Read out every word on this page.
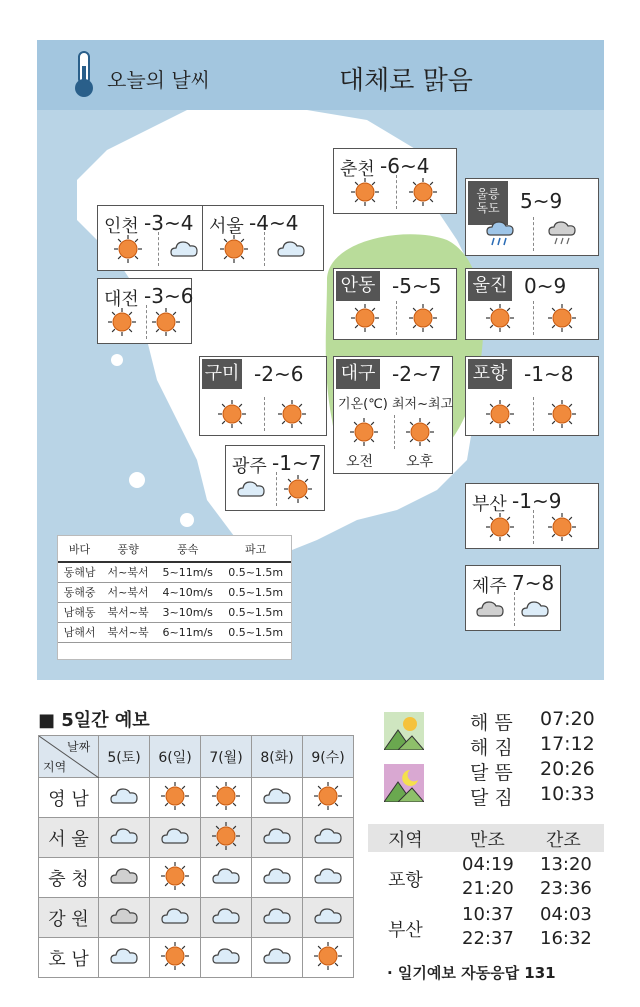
오늘의 날씨	대체로 맑음
춘천 -6~4
인천 -3~4 서울 -4~4
울릉
독도	5~9
대전 -3~6	안동 -5~5 울진 0~9
구미 -2~6 대구 -2~7
기온(℃) 최저~최고
오전 오후
포항 -1~8
광주 -1~7
부산 -1~9
제주 7~8
바다	풍향	풍속	파고
동해남	서~북서	5~11m/s	0.5~1.5m
동해중	서~북서	4~10m/s	0.5~1.5m
남해동	북서~북	3~10m/s	0.5~1.5m
남해서	북서~북	6~11m/s	0.5~1.5m
■ 5일간 예보
날짜
지역	5(토)	6(일)	7(월)	8(화)	9(수)
영 남					
서 울					
충 청					
강 원					
호 남					
해 뜸 07:20
해 짐 17:12
달 뜸 20:26
달 짐 10:33
지역	만조 간조
포항
04:19 13:20
21:20 23:36
부산
10:37 04:03
22:37 16:32
· 일기예보 자동응답 131
